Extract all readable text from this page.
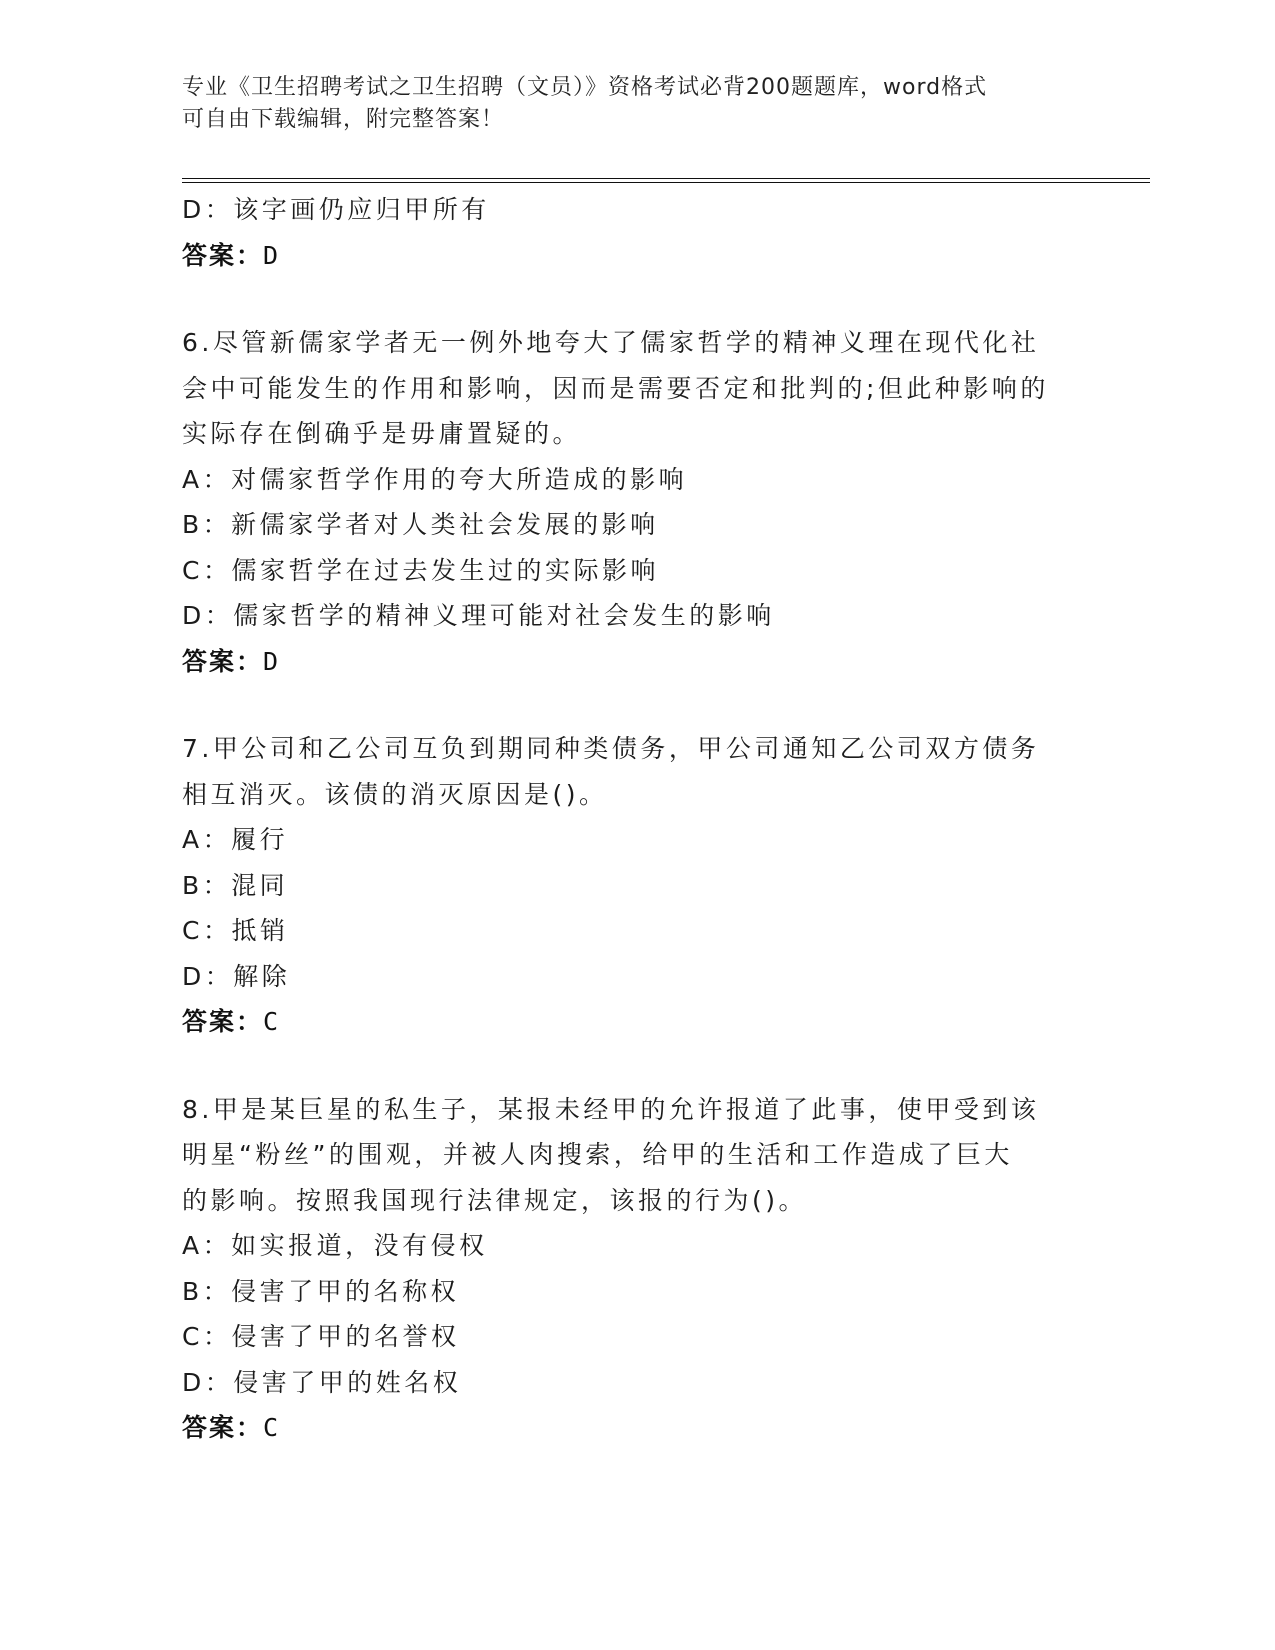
专业《卫生招聘考试之卫生招聘（文员）》资格考试必背200题题库，word格式
可自由下载编辑，附完整答案！
D：该字画仍应归甲所有
答案：D
6.尽管新儒家学者无一例外地夸大了儒家哲学的精神义理在现代化社
会中可能发生的作用和影响，因而是需要否定和批判的;但此种影响的
实际存在倒确乎是毋庸置疑的。
A：对儒家哲学作用的夸大所造成的影响
B：新儒家学者对人类社会发展的影响
C：儒家哲学在过去发生过的实际影响
D：儒家哲学的精神义理可能对社会发生的影响
答案：D
7.甲公司和乙公司互负到期同种类债务，甲公司通知乙公司双方债务
相互消灭。该债的消灭原因是()。
A：履行
B：混同
C：抵销
D：解除
答案：C
8.甲是某巨星的私生子，某报未经甲的允许报道了此事，使甲受到该
明星“粉丝”的围观，并被人肉搜索，给甲的生活和工作造成了巨大
的影响。按照我国现行法律规定，该报的行为()。
A：如实报道，没有侵权
B：侵害了甲的名称权
C：侵害了甲的名誉权
D：侵害了甲的姓名权
答案：C
